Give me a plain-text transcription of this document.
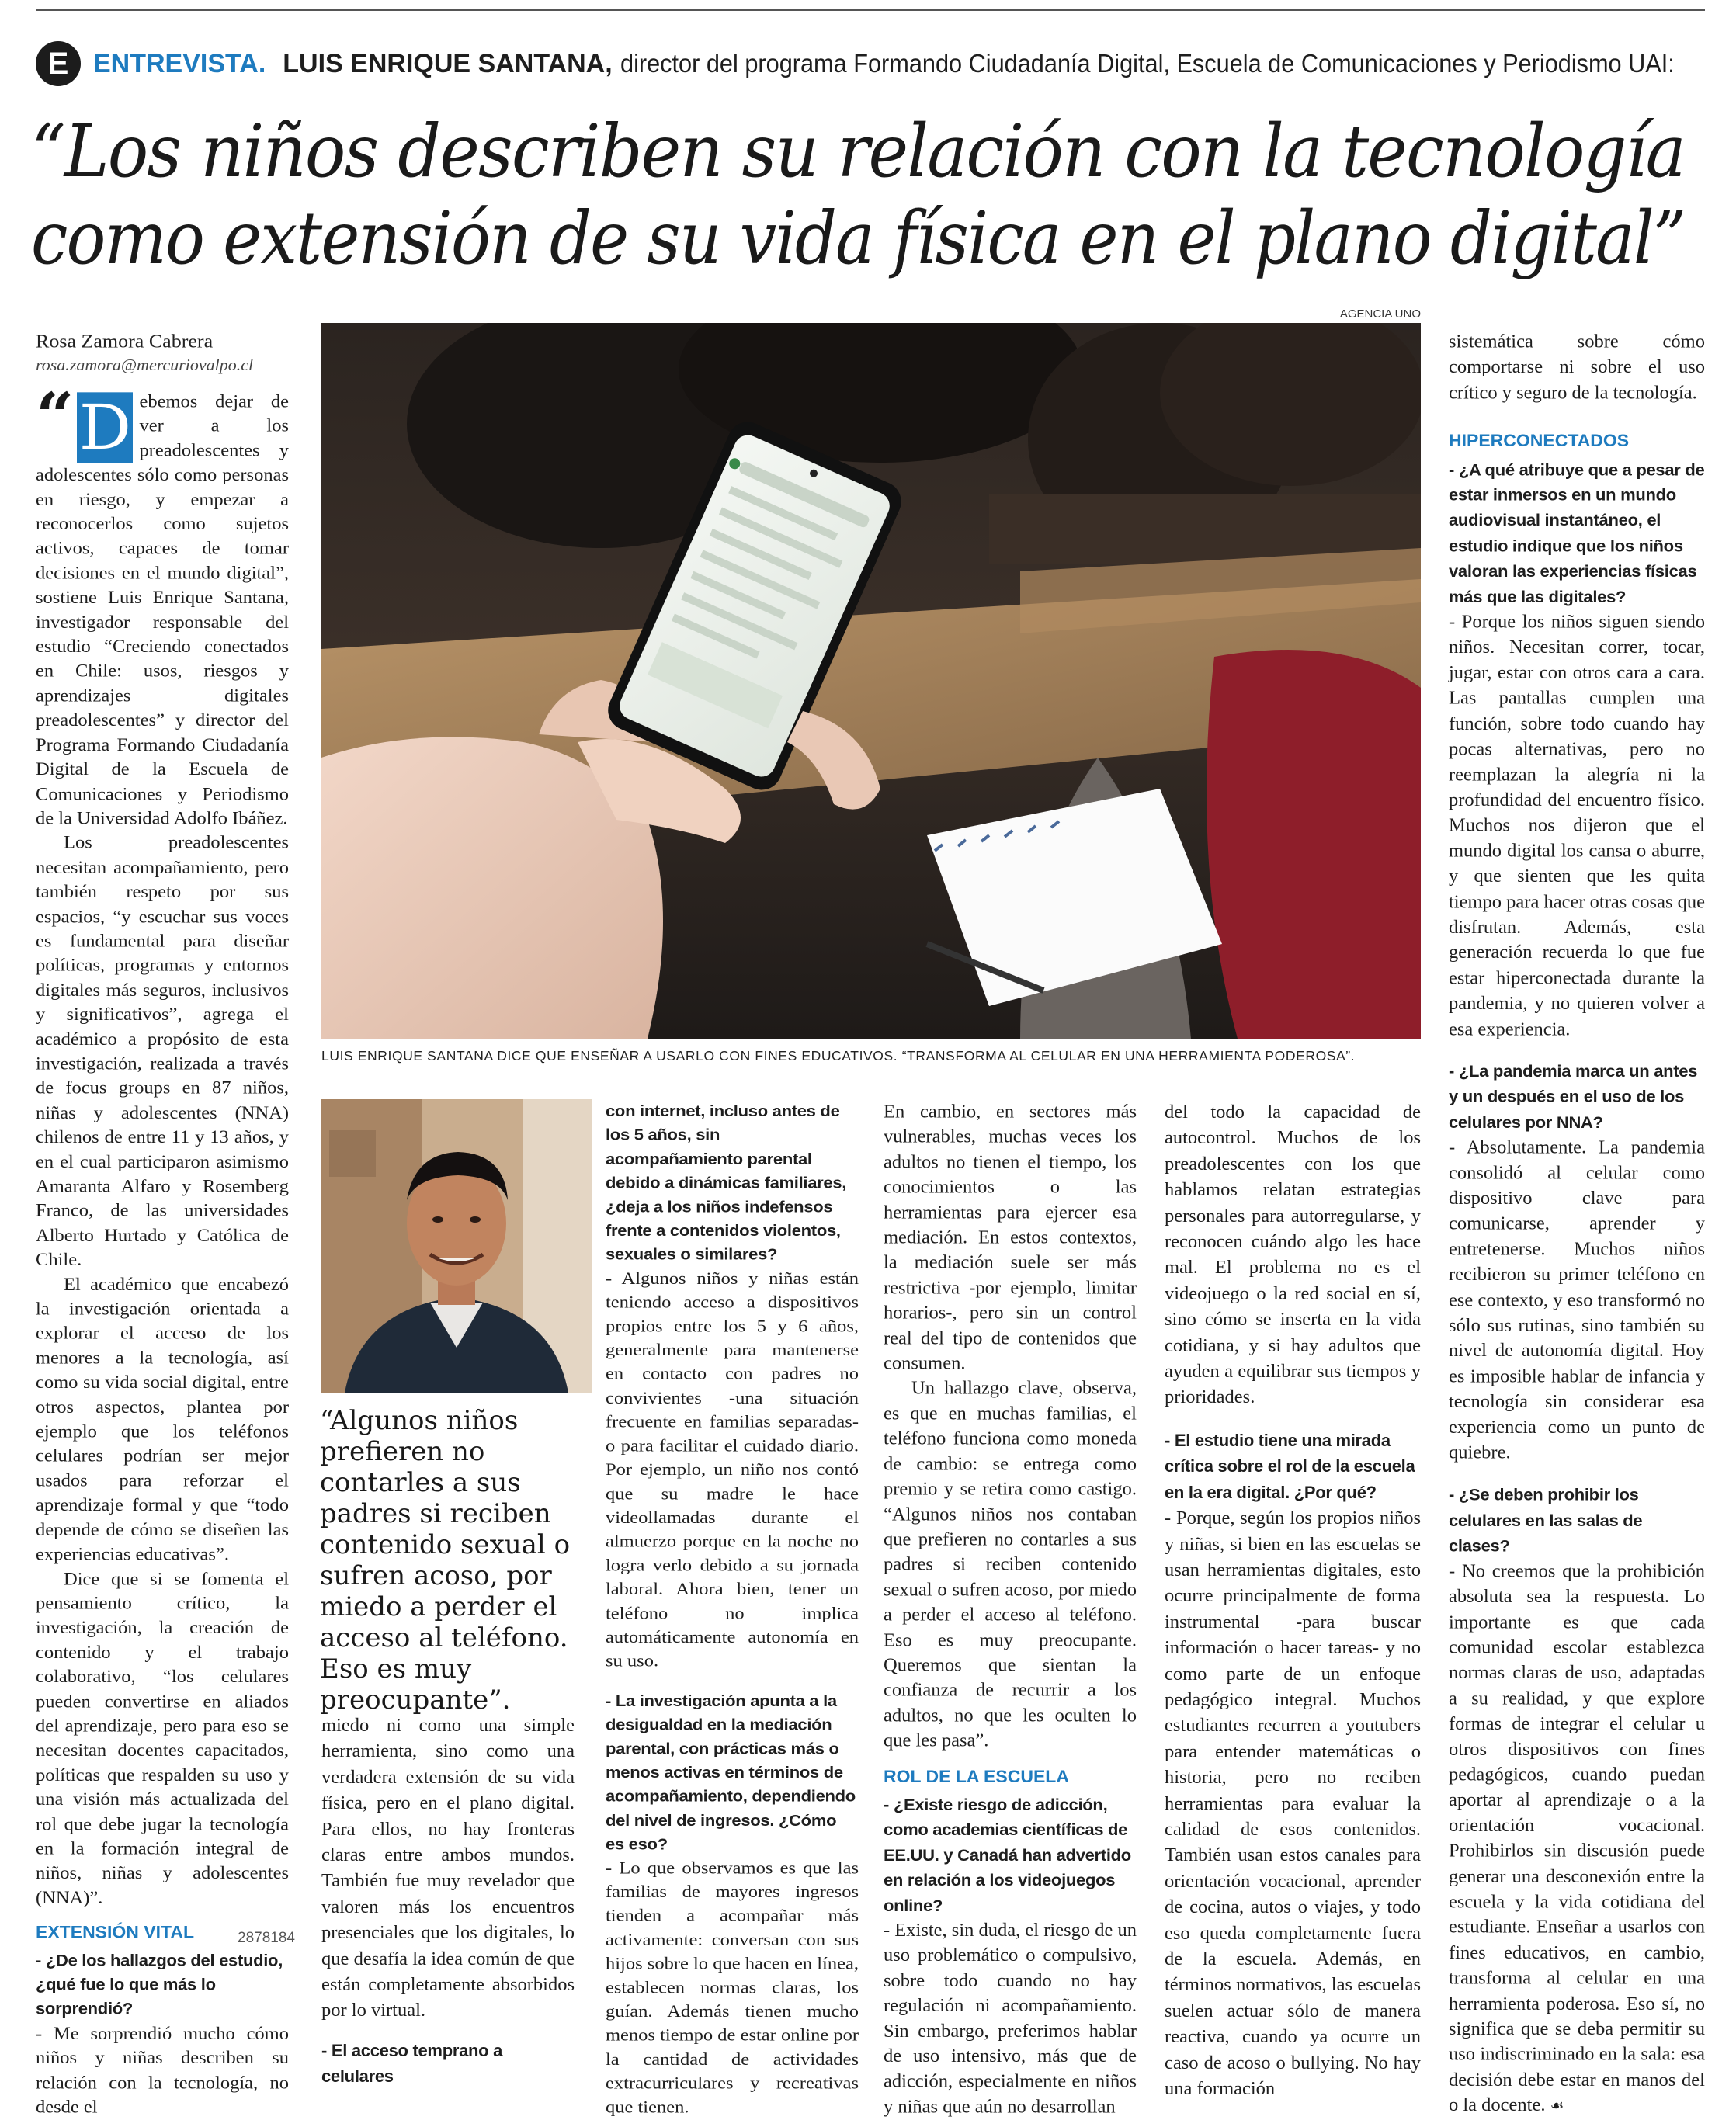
E ENTREVISTA. LUIS ENRIQUE SANTANA, director del programa Formando Ciudadanía Digital, Escuela de Comunicaciones y Periodismo UAI:
“Los niños describen su relación con la tecnología
como extensión de su vida física en el plano digital”
AGENCIA UNO
LUIS ENRIQUE SANTANA DICE QUE ENSEÑAR A USARLO CON FINES EDUCATIVOS. “TRANSFORMA AL CELULAR EN UNA HERRAMIENTA PODEROSA”.
“Algunos niños prefieren no contarles a sus padres si reciben contenido sexual o sufren acoso, por miedo a perder el acceso al teléfono. Eso es muy preocupante”.
Rosa Zamora Cabrera
rosa.zamora@mercuriovalpo.cl
“ D ebemos dejar de ver a los preadolescentes y adolescentes sólo como personas en riesgo, y empezar a reconocerlos como sujetos activos, capaces de tomar decisiones en el mundo digital”, sostiene Luis Enrique Santana, investigador responsable del estudio “Creciendo conectados en Chile: usos, riesgos y aprendizajes digitales preadolescentes” y director del Programa Formando Ciudadanía Digital de la Escuela de Comunicaciones y Periodismo de la Universidad Adolfo Ibáñez.

Los preadolescentes necesitan acompañamiento, pero también respeto por sus espacios, “y escuchar sus voces es fundamental para diseñar políticas, programas y entornos digitales más seguros, inclusivos y significativos”, agrega el académico a propósito de esta investigación, realizada a través de focus groups en 87 niños, niñas y adolescentes (NNA) chilenos de entre 11 y 13 años, y en el cual participaron asimismo Amaranta Alfaro y Rosemberg Franco, de las universidades Alberto Hurtado y Católica de Chile.

El académico que encabezó la investigación orientada a explorar el acceso de los menores a la tecnología, así como su vida social digital, entre otros aspectos, plantea por ejemplo que los teléfonos celulares podrían ser mejor usados para reforzar el aprendizaje formal y que “todo depende de cómo se diseñen las experiencias educativas”.

Dice que si se fomenta el pensamiento crítico, la investigación, la creación de contenido y el trabajo colaborativo, “los celulares pueden convertirse en aliados del aprendizaje, pero para eso se necesitan docentes capacitados, políticas que respalden su uso y una visión más actualizada del rol que debe jugar la tecnología en la formación integral de niños, niñas y adolescentes (NNA)”.

EXTENSIÓN VITAL
- ¿De los hallazgos del estudio, ¿qué fue lo que más lo sorprendió?

- Me sorprendió mucho cómo niños y niñas describen su relación con la tecnología, no desde el

2878184

miedo ni como una simple herramienta, sino como una verdadera extensión de su vida física, pero en el plano digital. Para ellos, no hay fronteras claras entre ambos mundos. También fue muy revelador que valoren más los encuentros presenciales que los digitales, lo que desafía la idea común de que están completamente absorbidos por lo virtual.

- El acceso temprano a celulares
con internet, incluso antes de los 5 años, sin acompañamiento parental debido a dinámicas familiares, ¿deja a los niños indefensos frente a contenidos violentos, sexuales o similares?

- Algunos niños y niñas están teniendo acceso a dispositivos propios entre los 5 y 6 años, generalmente para mantenerse en contacto con padres no convivientes -una situación frecuente en familias separadas- o para facilitar el cuidado diario. Por ejemplo, un niño nos contó que su madre le hace videollamadas durante el almuerzo porque en la noche no logra verlo debido a su jornada laboral. Ahora bien, tener un teléfono no implica automáticamente autonomía en su uso.

- La investigación apunta a la desigualdad en la mediación parental, con prácticas más o menos activas en términos de acompañamiento, dependiendo del nivel de ingresos. ¿Cómo es eso?

- Lo que observamos es que las familias de mayores ingresos tienden a acompañar más activamente: conversan con sus hijos sobre lo que hacen en línea, establecen normas claras, los guían. Además tienen mucho menos tiempo de estar online por la cantidad de actividades extracurriculares y recreativas que tienen.

En cambio, en sectores más vulnerables, muchas veces los adultos no tienen el tiempo, los conocimientos o las herramientas para ejercer esa mediación. En estos contextos, la mediación suele ser más restrictiva -por ejemplo, limitar horarios-, pero sin un control real del tipo de contenidos que consumen.

Un hallazgo clave, observa, es que en muchas familias, el teléfono funciona como moneda de cambio: se entrega como premio y se retira como castigo. “Algunos niños nos contaban que prefieren no contarles a sus padres si reciben contenido sexual o sufren acoso, por miedo a perder el acceso al teléfono. Eso es muy preocupante. Queremos que sientan la confianza de recurrir a los adultos, no que les oculten lo que les pasa”.

ROL DE LA ESCUELA
- ¿Existe riesgo de adicción, como academias científicas de EE.UU. y Canadá han advertido en relación a los videojuegos online?

- Existe, sin duda, el riesgo de un uso problemático o compulsivo, sobre todo cuando no hay regulación ni acompañamiento. Sin embargo, preferimos hablar de uso intensivo, más que de adicción, especialmente en niños y niñas que aún no desarrollan

del todo la capacidad de autocontrol. Muchos de los preadolescentes con los que hablamos relatan estrategias personales para autorregularse, y reconocen cuándo algo les hace mal. El problema no es el videojuego o la red social en sí, sino cómo se inserta en la vida cotidiana, y si hay adultos que ayuden a equilibrar sus tiempos y prioridades.

- El estudio tiene una mirada crítica sobre el rol de la escuela en la era digital. ¿Por qué?

- Porque, según los propios niños y niñas, si bien en las escuelas se usan herramientas digitales, esto ocurre principalmente de forma instrumental -para buscar información o hacer tareas- y no como parte de un enfoque pedagógico integral. Muchos estudiantes recurren a youtubers para entender matemáticas o historia, pero no reciben herramientas para evaluar la calidad de esos contenidos. También usan estos canales para orientación vocacional, aprender de cocina, autos o viajes, y todo eso queda completamente fuera de la escuela. Además, en términos normativos, las escuelas suelen actuar sólo de manera reactiva, cuando ya ocurre un caso de acoso o bullying. No hay una formación

sistemática sobre cómo comportarse ni sobre el uso crítico y seguro de la tecnología.

HIPERCONECTADOS
- ¿A qué atribuye que a pesar de estar inmersos en un mundo audiovisual instantáneo, el estudio indique que los niños valoran las experiencias físicas más que las digitales?

- Porque los niños siguen siendo niños. Necesitan correr, tocar, jugar, estar con otros cara a cara. Las pantallas cumplen una función, sobre todo cuando hay pocas alternativas, pero no reemplazan la alegría ni la profundidad del encuentro físico. Muchos nos dijeron que el mundo digital los cansa o aburre, y que sienten que les quita tiempo para hacer otras cosas que disfrutan. Además, esta generación recuerda lo que fue estar hiperconectada durante la pandemia, y no quieren volver a esa experiencia.

- ¿La pandemia marca un antes y un después en el uso de los celulares por NNA?

- Absolutamente. La pandemia consolidó al celular como dispositivo clave para comunicarse, aprender y entretenerse. Muchos niños recibieron su primer teléfono en ese contexto, y eso transformó no sólo sus rutinas, sino también su nivel de autonomía digital. Hoy es imposible hablar de infancia y tecnología sin considerar esa experiencia como un punto de quiebre.

- ¿Se deben prohibir los celulares en las salas de clases?

- No creemos que la prohibición absoluta sea la respuesta. Lo importante es que cada comunidad escolar establezca normas claras de uso, adaptadas a su realidad, y que explore formas de integrar el celular u otros dispositivos con fines pedagógicos, cuando puedan aportar al aprendizaje o a la orientación vocacional. Prohibirlos sin discusión puede generar una desconexión entre la escuela y la vida cotidiana del estudiante. Enseñar a usarlos con fines educativos, en cambio, transforma al celular en una herramienta poderosa. Eso sí, no significa que se deba permitir su uso indiscriminado en la sala: esa decisión debe estar en manos del o la docente. ☙
